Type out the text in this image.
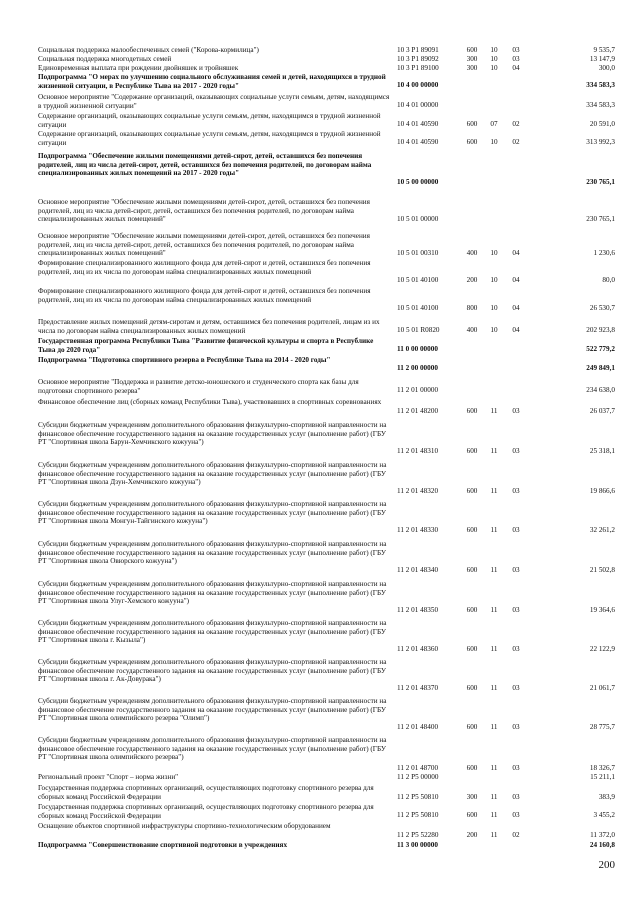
Социальная поддержка малообеспеченных семей ("Корова-кормилица")	10 3 P1 89091	600	10	03	9 535,7
Социальная поддержка многодетных семей	10 3 P1 89092	300	10	03	13 147,9
Единовременная выплата при рождении двойняшек и тройняшек	10 3 P1 89100	300	10	04	300,0
Подпрограмма "О мерах по улучшению социального обслуживания семей и детей, находящихся в трудной жизненной ситуации, в Республике Тыва на 2017 - 2020 годы"	10 4 00 00000	334 583,3
Основное мероприятие "Содержание организаций, оказывающих социальные услуги семьям, детям, находящимся в трудной жизненной ситуации"	10 4 01 00000	334 583,3
Содержание организаций, оказывающих социальные услуги семьям, детям, находящимся в трудной жизненной ситуации	10 4 01 40590	600	07	02	20 591,0
Содержание организаций, оказывающих социальные услуги семьям, детям, находящимся в трудной жизненной ситуации	10 4 01 40590	600	10	02	313 992,3
Подпрограмма "Обеспечение жилыми помещениями детей-сирот, детей, оставшихся без попечения родителей, лиц из числа детей-сирот, детей, оставшихся без попечения родителей, по договорам найма специализированных жилых помещений на 2017 - 2020 годы"
10 5 00 00000	230 765,1
Основное мероприятие "Обеспечение жилыми помещениями детей-сирот, детей, оставшихся без попечения родителей, лиц из числа детей-сирот, детей, оставшихся без попечения родителей, по договорам найма специализированных жилых помещений"	10 5 01 00000	230 765,1
Основное мероприятие "Обеспечение жилыми помещениями детей-сирот, детей, оставшихся без попечения родителей, лиц из числа детей-сирот, детей, оставшихся без попечения родителей, по договорам найма специализированных жилых помещений"	10 5 01 00310	400	10	04	1 230,6
Формирование специализированного жилищного фонда для детей-сирот и детей, оставшихся без попечения родителей, лиц из их числа по договорам найма специализированных жилых помещений
10 5 01 40100	200	10	04	80,0
Формирование специализированного жилищного фонда для детей-сирот и детей, оставшихся без попечения родителей, лиц из их числа по договорам найма специализированных жилых помещений
10 5 01 40100	800	10	04	26 530,7
Предоставление жилых помещений детям-сиротам и детям, оставшимся без попечения родителей, лицам из их числа по договорам найма специализированных жилых помещений	10 5 01 R0820	400	10	04	202 923,8
Государственная программа Республики Тыва "Развитие физической культуры и спорта в Республике Тыва до 2020 года"	11 0 00 00000	522 779,2
Подпрограмма "Подготовка спортивного резерва в Республике Тыва на 2014 - 2020 годы"
11 2 00 00000	249 849,1
Основное мероприятие "Поддержка и развитие детско-юношеского и студенческого спорта как базы для подготовки спортивного резерва"	11 2 01 00000	234 638,0
Финансовое обеспечение лиц (сборных команд Республики Тыва), участвовавших в спортивных соревнованиях
11 2 01 48200	600	11	03	26 037,7
Субсидии бюджетным учреждениям дополнительного образования физкультурно-спортивной направленности на финансовое обеспечение государственного задания на оказание государственных услуг (выполнение работ) (ГБУ РТ "Спортивная школа Барун-Хемчикского кожууна")
11 2 01 48310	600	11	03	25 318,1
Субсидии бюджетным учреждениям дополнительного образования физкультурно-спортивной направленности на финансовое обеспечение государственного задания на оказание государственных услуг (выполнение работ) (ГБУ РТ "Спортивная школа Дзун-Хемчикского кожууна")
11 2 01 48320	600	11	03	19 866,6
Субсидии бюджетным учреждениям дополнительного образования физкультурно-спортивной направленности на финансовое обеспечение государственного задания на оказание государственных услуг (выполнение работ) (ГБУ РТ "Спортивная школа Монгун-Тайгинского кожууна")
11 2 01 48330	600	11	03	32 261,2
Субсидии бюджетным учреждениям дополнительного образования физкультурно-спортивной направленности на финансовое обеспечение государственного задания на оказание государственных услуг (выполнение работ) (ГБУ РТ "Спортивная школа Овюрского кожууна")
11 2 01 48340	600	11	03	21 502,8
Субсидии бюджетным учреждениям дополнительного образования физкультурно-спортивной направленности на финансовое обеспечение государственного задания на оказание государственных услуг (выполнение работ) (ГБУ РТ "Спортивная школа Улуг-Хемского кожууна")
11 2 01 48350	600	11	03	19 364,6
Субсидии бюджетным учреждениям дополнительного образования физкультурно-спортивной направленности на финансовое обеспечение государственного задания на оказание государственных услуг (выполнение работ) (ГБУ РТ "Спортивная школа г. Кызыла")
11 2 01 48360	600	11	03	22 122,9
Субсидии бюджетным учреждениям дополнительного образования физкультурно-спортивной направленности на финансовое обеспечение государственного задания на оказание государственных услуг (выполнение работ) (ГБУ РТ "Спортивная школа г. Ак-Довурака")
11 2 01 48370	600	11	03	21 061,7
Субсидии бюджетным учреждениям дополнительного образования физкультурно-спортивной направленности на финансовое обеспечение государственного задания на оказание государственных услуг (выполнение работ) (ГБУ РТ "Спортивная школа олимпийского резерва "Олимп")
11 2 01 48400	600	11	03	28 775,7
Субсидии бюджетным учреждениям дополнительного образования физкультурно-спортивной направленности на финансовое обеспечение государственного задания на оказание государственных услуг (выполнение работ) (ГБУ РТ "Спортивная школа олимпийского резерва")
11 2 01 48700	600	11	03	18 326,7
Региональный проект "Спорт – норма жизни"	11 2 P5 00000	15 211,1
Государственная поддержка спортивных организаций, осуществляющих подготовку спортивного резерва для сборных команд Российской Федерации	11 2 P5 50810	300	11	03	383,9
Государственная поддержка спортивных организаций, осуществляющих подготовку спортивного резерва для сборных команд Российской Федерации	11 2 P5 50810	600	11	03	3 455,2
Оснащение объектов спортивной инфраструктуры спортивно-технологическим оборудованием
11 2 P5 52280	200	11	02	11 372,0
Подпрограмма "Совершенствование спортивной подготовки в учреждениях	11 3 00 00000	24 160,8
200
